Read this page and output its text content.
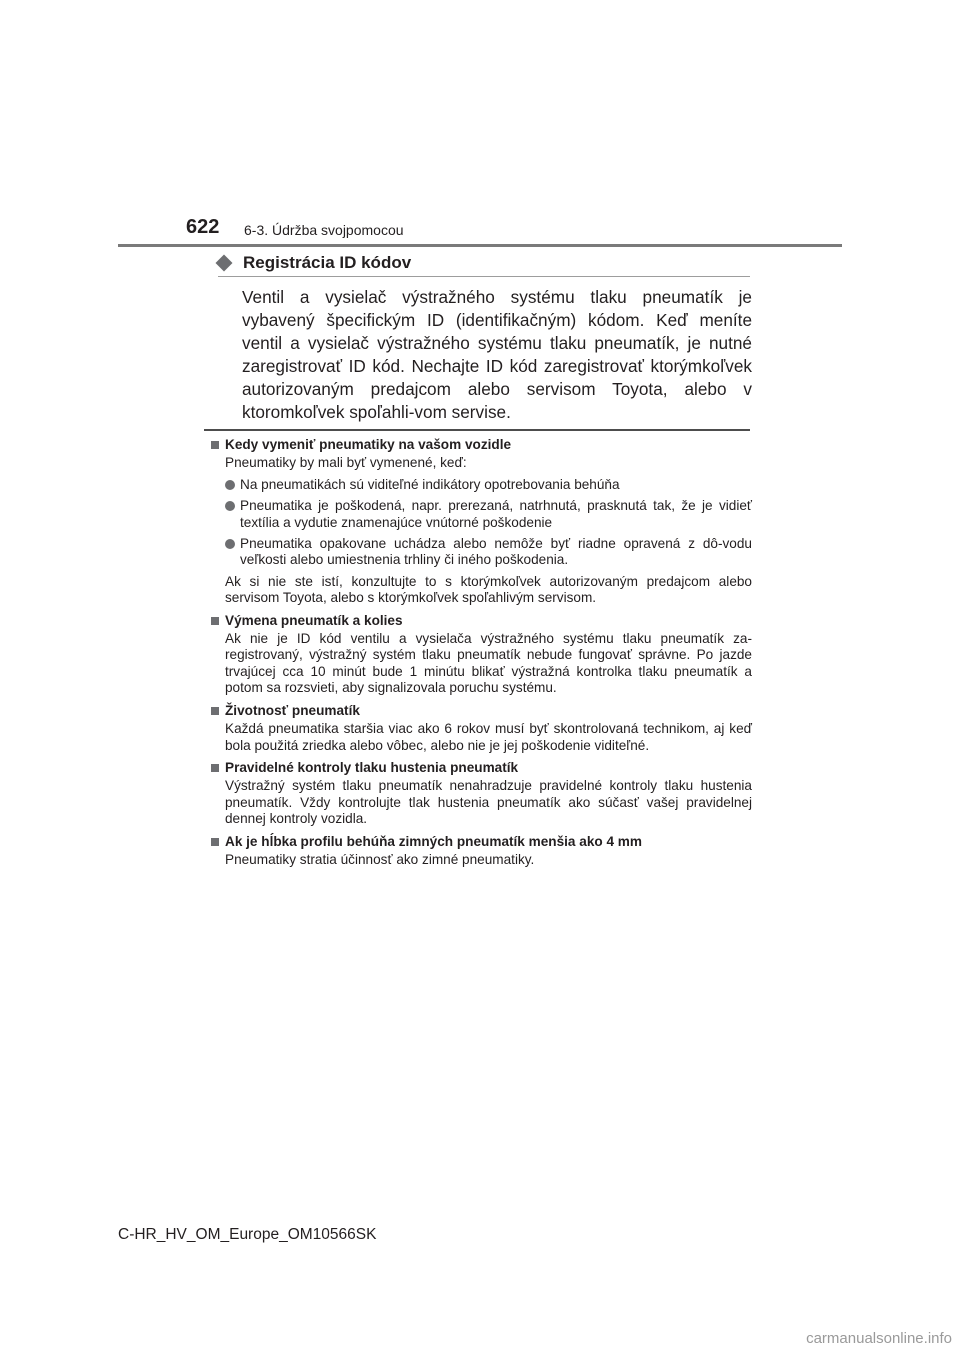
622 6-3. Údržba svojpomocou
Registrácia ID kódov

Ventil a vysielač výstražného systému tlaku pneumatík je vybavený špecifickým ID (identifikačným) kódom. Keď meníte ventil a vysielač výstražného systému tlaku pneumatík, je nutné zaregistrovať ID kód. Nechajte ID kód zaregistrovať ktorýmkoľvek autorizovaným predajcom alebo servisom Toyota, alebo v ktoromkoľvek spoľahli-vom servise.

Kedy vymeniť pneumatiky na vašom vozidle
Pneumatiky by mali byť vymenené, keď:
Na pneumatikách sú viditeľné indikátory opotrebovania behúňa
Pneumatika je poškodená, napr. prerezaná, natrhnutá, prasknutá tak, že je vidieť textília a vydutie znamenajúce vnútorné poškodenie
Pneumatika opakovane uchádza alebo nemôže byť riadne opravená z dô-vodu veľkosti alebo umiestnenia trhliny či iného poškodenia.
Ak si nie ste istí, konzultujte to s ktorýmkoľvek autorizovaným predajcom alebo servisom Toyota, alebo s ktorýmkoľvek spoľahlivým servisom.
Výmena pneumatík a kolies
Ak nie je ID kód ventilu a vysielača výstražného systému tlaku pneumatík za-registrovaný, výstražný systém tlaku pneumatík nebude fungovať správne. Po jazde trvajúcej cca 10 minút bude 1 minútu blikať výstražná kontrolka tlaku pneumatík a potom sa rozsvieti, aby signalizovala poruchu systému.
Životnosť pneumatík
Každá pneumatika staršia viac ako 6 rokov musí byť skontrolovaná technikom, aj keď bola použitá zriedka alebo vôbec, alebo nie je jej poškodenie viditeľné.
Pravidelné kontroly tlaku hustenia pneumatík
Výstražný systém tlaku pneumatík nenahradzuje pravidelné kontroly tlaku hustenia pneumatík. Vždy kontrolujte tlak hustenia pneumatík ako súčasť vašej pravidelnej dennej kontroly vozidla.
Ak je hĺbka profilu behúňa zimných pneumatík menšia ako 4 mm
Pneumatiky stratia účinnosť ako zimné pneumatiky.
C-HR_HV_OM_Europe_OM10566SK
carmanualsonline.info
